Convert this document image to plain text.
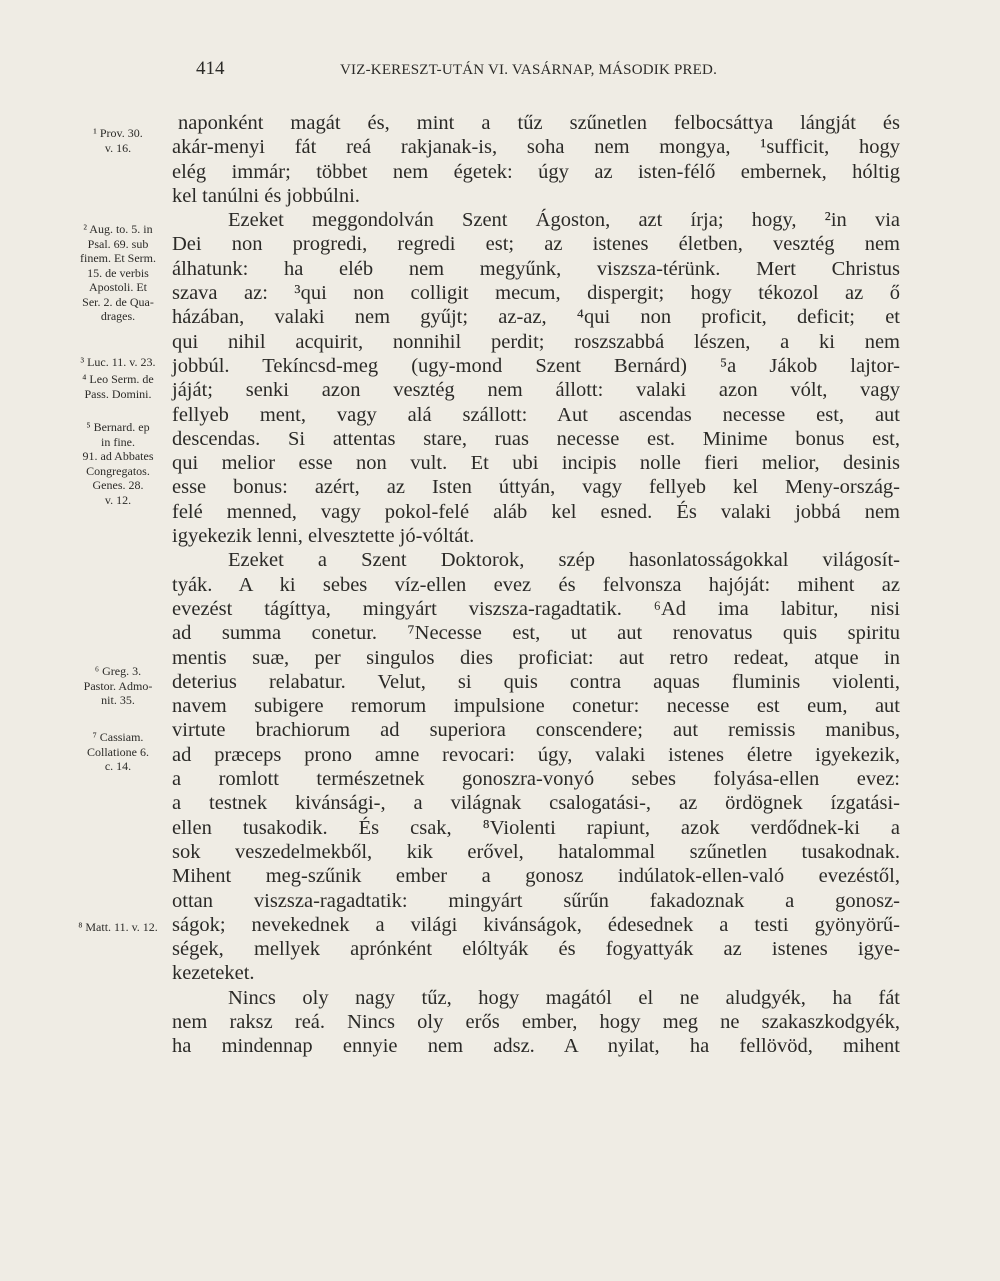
414	VIZ-KERESZT-UTÁN VI. VASÁRNAP, MÁSODIK PRED.
¹ Prov. 30.
v. 16.
² Aug. to. 5. in
Psal. 69. sub
finem. Et Serm.
15. de verbis
Apostoli. Et
Ser. 2. de Qua-
drages.
³ Luc. 11. v. 23.
⁴ Leo Serm. de
Pass. Domini.
⁵ Bernard. ep
in fine.
91. ad Abbates
Congregatos.
Genes. 28.
v. 12.
⁶ Greg. 3.
Pastor. Admo-
nit. 35.
⁷ Cassiam.
Collatione 6.
c. 14.
⁸ Matt. 11. v. 12.
naponként magát és, mint a tűz szűnetlen felbocsáttya lángját és
akár-menyi fát reá rakjanak-is, soha nem mongya, ¹sufficit, hogy
elég immár; többet nem égetek: úgy az isten-félő embernek, hóltig
kel tanúlni és jobbúlni.
Ezeket meggondolván Szent Ágoston, azt írja; hogy, ²in via
Dei non progredi, regredi est; az istenes életben, vesztég nem
álhatunk: ha eléb nem megyűnk, viszsza-térünk. Mert Christus
szava az: ³qui non colligit mecum, dispergit; hogy tékozol az ő
házában, valaki nem gyűjt; az-az, ⁴qui non proficit, deficit; et
qui nihil acquirit, nonnihil perdit; roszszabbá lészen, a ki nem
jobbúl. Tekíncsd-meg (ugy-mond Szent Bernárd) ⁵a Jákob lajtor-
jáját; senki azon vesztég nem állott: valaki azon vólt, vagy
fellyeb ment, vagy alá szállott: Aut ascendas necesse est, aut
descendas. Si attentas stare, ruas necesse est. Minime bonus est,
qui melior esse non vult. Et ubi incipis nolle fieri melior, desinis
esse bonus: azért, az Isten úttyán, vagy fellyeb kel Meny-ország-
felé menned, vagy pokol-felé aláb kel esned. És valaki jobbá nem
igyekezik lenni, elvesztette jó-vóltát.
Ezeket a Szent Doktorok, szép hasonlatosságokkal világosít-
tyák. A ki sebes víz-ellen evez és felvonsza hajóját: mihent az
evezést tágíttya, mingyárt viszsza-ragadtatik. ⁶Ad ima labitur, nisi
ad summa conetur. ⁷Necesse est, ut aut renovatus quis spiritu
mentis suæ, per singulos dies proficiat: aut retro redeat, atque in
deterius relabatur. Velut, si quis contra aquas fluminis violenti,
navem subigere remorum impulsione conetur: necesse est eum, aut
virtute brachiorum ad superiora conscendere; aut remissis manibus,
ad præceps prono amne revocari: úgy, valaki istenes életre igyekezik,
a romlott természetnek gonoszra-vonyó sebes folyása-ellen evez:
a testnek kivánsági-, a világnak csalogatási-, az ördögnek ízgatási-
ellen tusakodik. És csak, ⁸Violenti rapiunt, azok verdődnek-ki a
sok veszedelmekből, kik erővel, hatalommal szűnetlen tusakodnak.
Mihent meg-szűnik ember a gonosz indúlatok-ellen-való evezéstől,
ottan viszsza-ragadtatik: mingyárt sűrűn fakadoznak a gonosz-
ságok; nevekednek a világi kivánságok, édesednek a testi gyönyörű-
ségek, mellyek aprónként elóltyák és fogyattyák az istenes igye-
kezeteket.
Nincs oly nagy tűz, hogy magától el ne aludgyék, ha fát
nem raksz reá. Nincs oly erős ember, hogy meg ne szakaszkodgyék,
ha mindennap ennyie nem adsz. A nyilat, ha fellövöd, mihent
